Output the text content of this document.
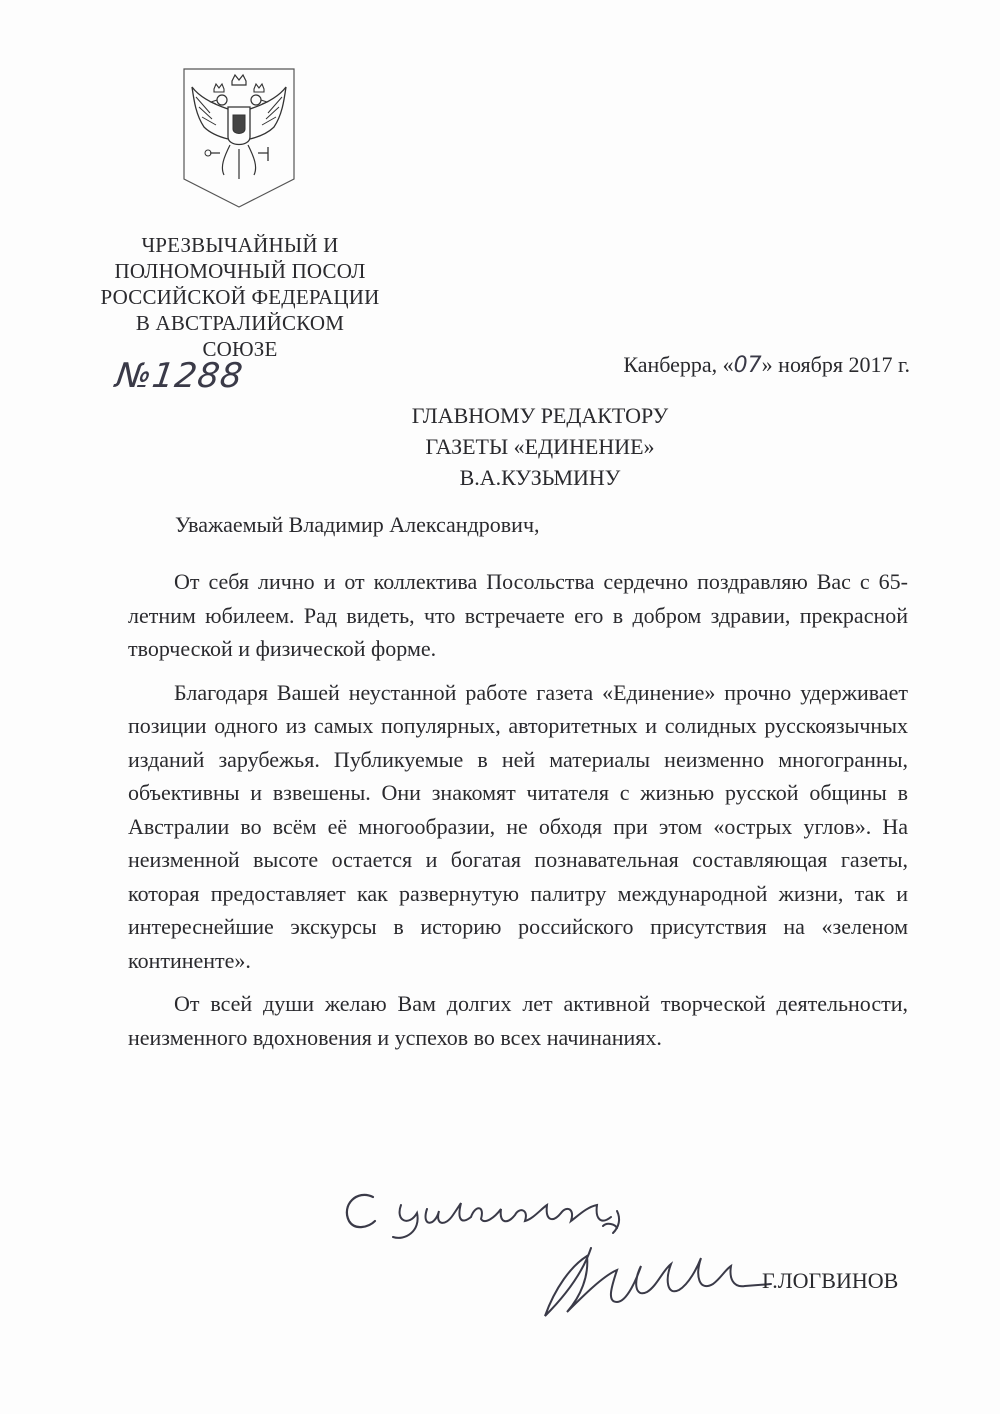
ЧРЕЗВЫЧАЙНЫЙ И
ПОЛНОМОЧНЫЙ ПОСОЛ
РОССИЙСКОЙ ФЕДЕРАЦИИ
В АВСТРАЛИЙСКОМ
СОЮЗЕ
№1288	Канберра, «07» ноября 2017 г.
ГЛАВНОМУ РЕДАКТОРУ
ГАЗЕТЫ «ЕДИНЕНИЕ»
В.А.КУЗЬМИНУ
Уважаемый Владимир Александрович,

От себя лично и от коллектива Посольства сердечно поздравляю Вас с 65-летним юбилеем. Рад видеть, что встречаете его в добром здравии, прекрасной творческой и физической форме.

Благодаря Вашей неустанной работе газета «Единение» прочно удерживает позиции одного из самых популярных, авторитетных и солидных русскоязычных изданий зарубежья. Публикуемые в ней материалы неизменно многогранны, объективны и взвешены. Они знакомят читателя с жизнью русской общины в Австралии во всём её многообразии, не обходя при этом «острых углов». На неизменной высоте остается и богатая познавательная составляющая газеты, которая предоставляет как развернутую палитру международной жизни, так и интереснейшие экскурсы в историю российского присутствия на «зеленом континенте».

От всей души желаю Вам долгих лет активной творческой деятельности, неизменного вдохновения и успехов во всех начинаниях.

Г.ЛОГВИНОВ
